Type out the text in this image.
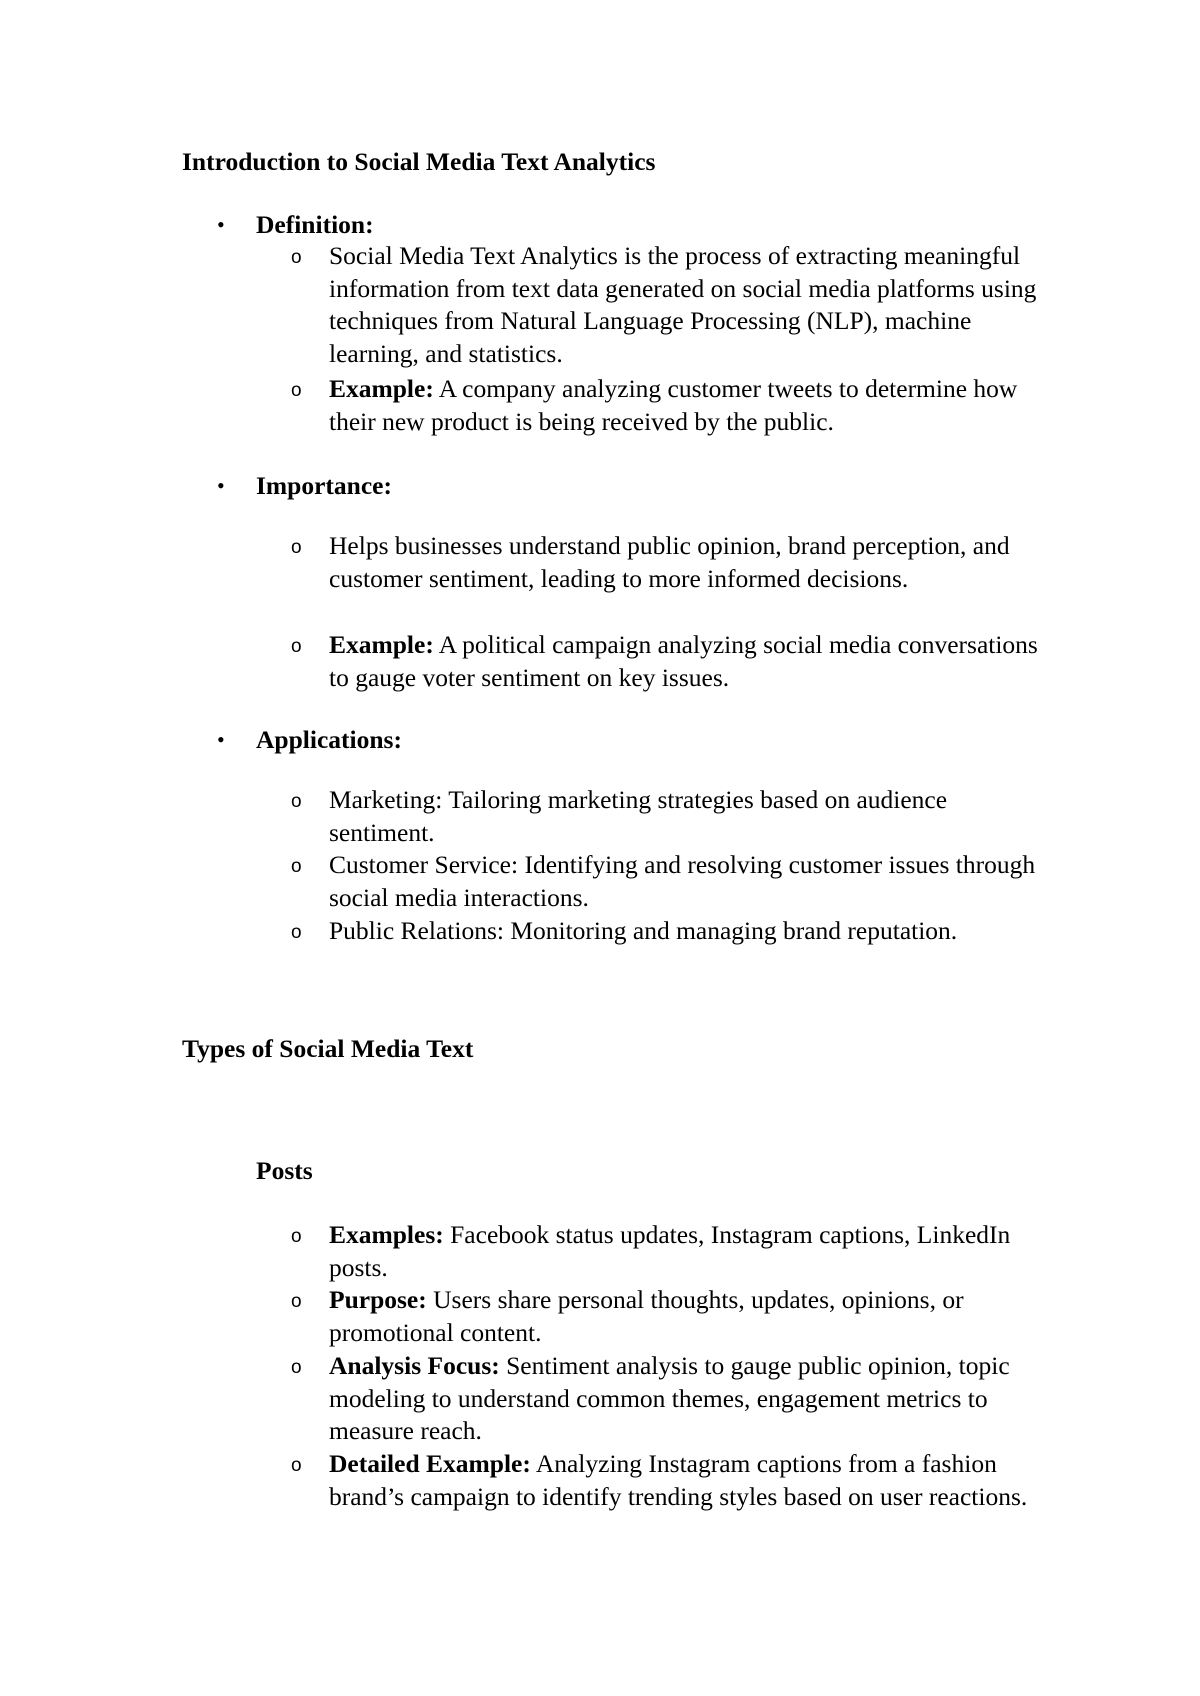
Introduction to Social Media Text Analytics
• Definition:
o Social Media Text Analytics is the process of extracting meaningful information from text data generated on social media platforms using techniques from Natural Language Processing (NLP), machine learning, and statistics.
o Example: A company analyzing customer tweets to determine how their new product is being received by the public.
• Importance:
o Helps businesses understand public opinion, brand perception, and customer sentiment, leading to more informed decisions.
o Example: A political campaign analyzing social media conversations to gauge voter sentiment on key issues.
• Applications:
o Marketing: Tailoring marketing strategies based on audience sentiment.
o Customer Service: Identifying and resolving customer issues through social media interactions.
o Public Relations: Monitoring and managing brand reputation.
Types of Social Media Text
Posts
o Examples: Facebook status updates, Instagram captions, LinkedIn posts.
o Purpose: Users share personal thoughts, updates, opinions, or promotional content.
o Analysis Focus: Sentiment analysis to gauge public opinion, topic modeling to understand common themes, engagement metrics to measure reach.
o Detailed Example: Analyzing Instagram captions from a fashion brand’s campaign to identify trending styles based on user reactions.
